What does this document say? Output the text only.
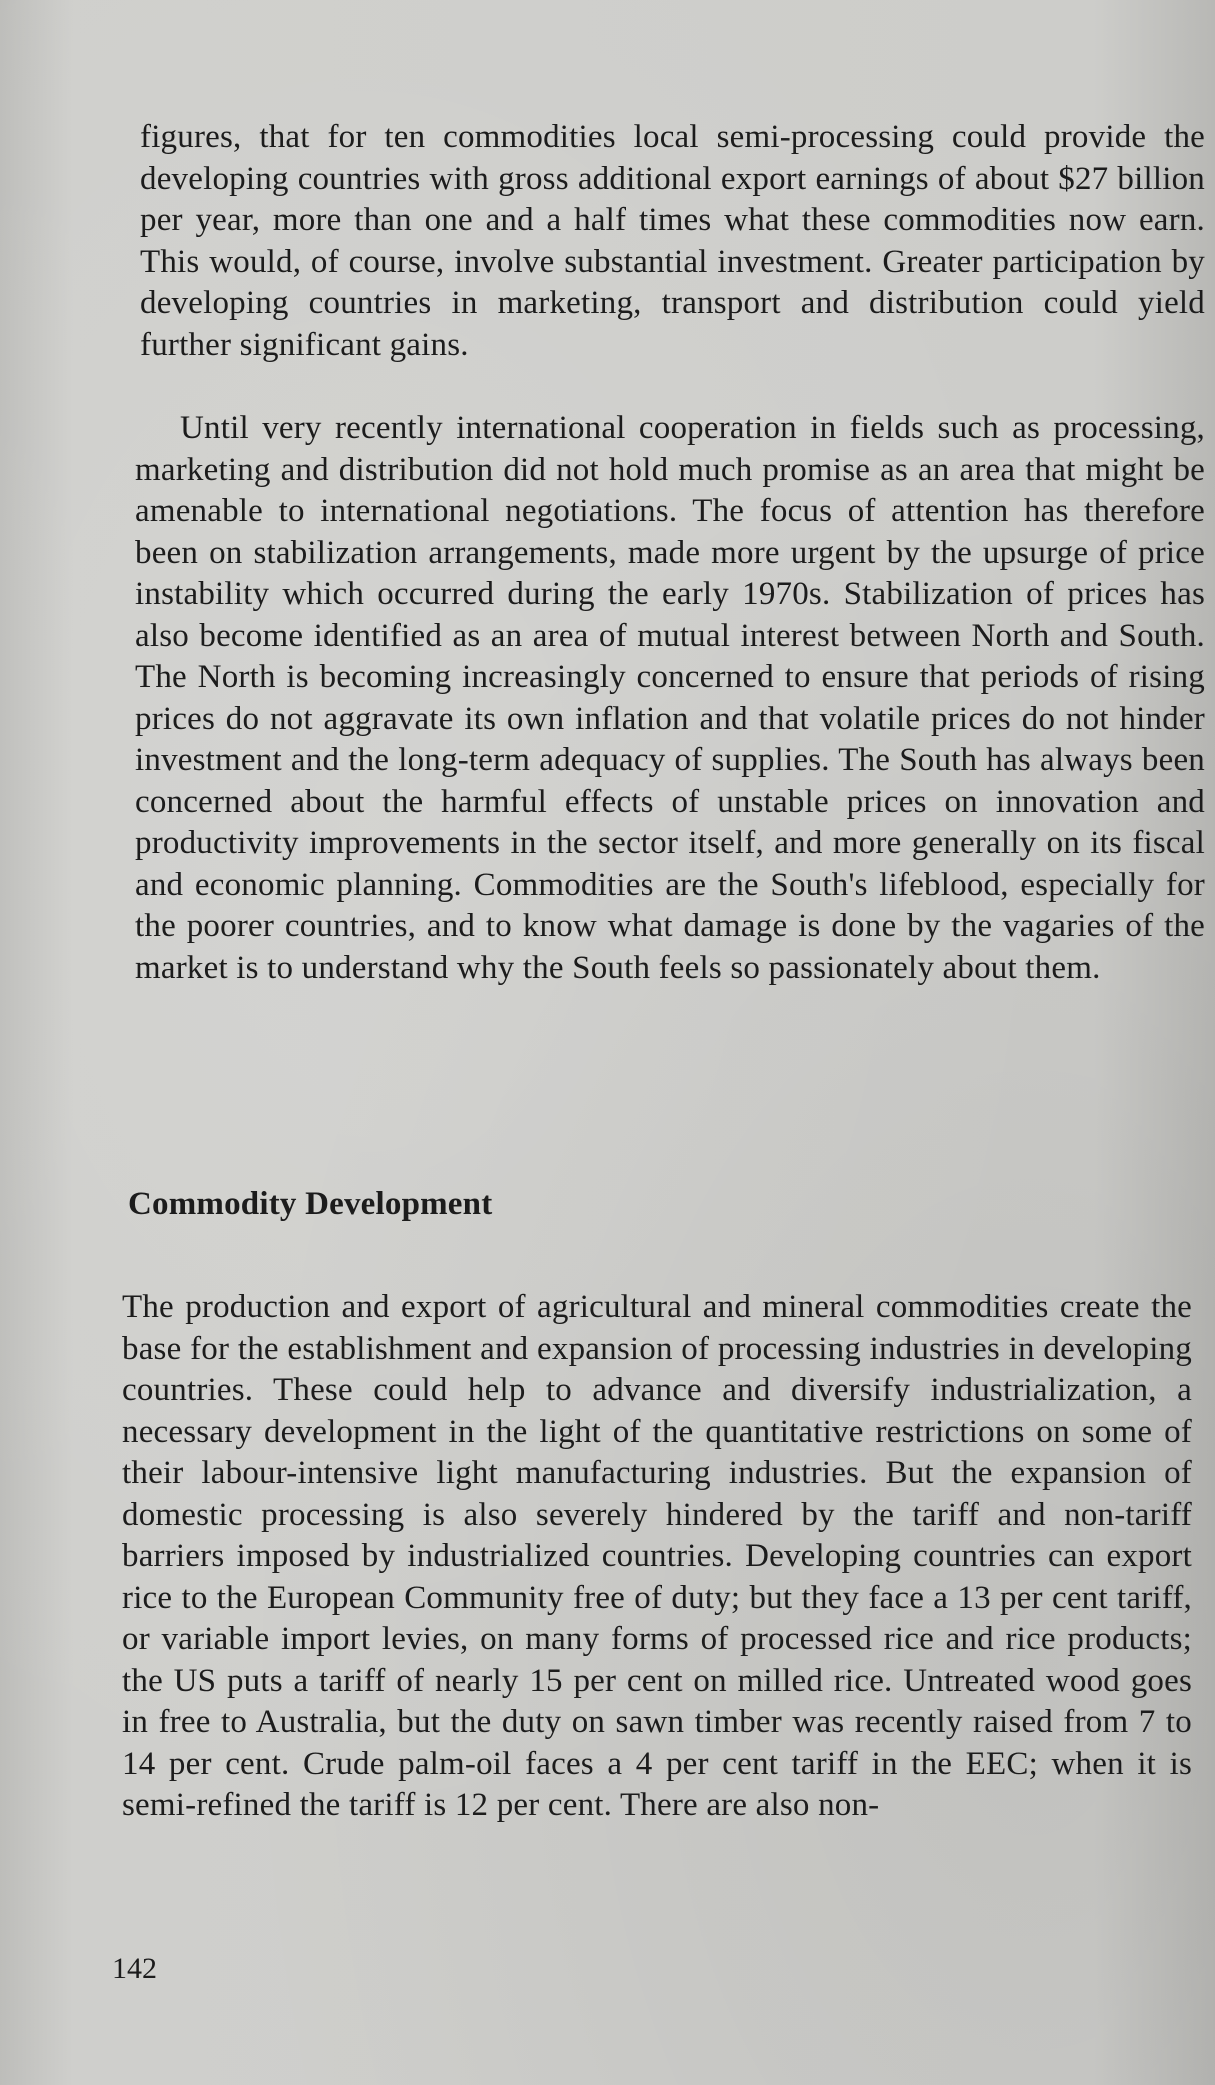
figures, that for ten commodities local semi-processing could provide the developing countries with gross additional export earnings of about $27 billion per year, more than one and a half times what these commodities now earn. This would, of course, involve substantial investment. Greater participation by developing countries in marketing, transport and distribution could yield further significant gains.

Until very recently international cooperation in fields such as processing, marketing and distribution did not hold much promise as an area that might be amenable to international negotiations. The focus of attention has therefore been on stabilization arrangements, made more urgent by the upsurge of price instability which occurred during the early 1970s. Stabilization of prices has also become identified as an area of mutual interest between North and South. The North is becoming increasingly concerned to ensure that periods of rising prices do not aggravate its own inflation and that volatile prices do not hinder investment and the long-term adequacy of supplies. The South has always been concerned about the harmful effects of unstable prices on innovation and productivity improvements in the sector itself, and more generally on its fiscal and economic planning. Commodities are the South's lifeblood, especially for the poorer countries, and to know what damage is done by the vagaries of the market is to understand why the South feels so passionately about them.

Commodity Development

The production and export of agricultural and mineral commodities create the base for the establishment and expansion of processing industries in developing countries. These could help to advance and diversify industrialization, a necessary development in the light of the quantitative restrictions on some of their labour-intensive light manufacturing industries. But the expansion of domestic processing is also severely hindered by the tariff and non-tariff barriers imposed by industrialized countries. Developing countries can export rice to the European Community free of duty; but they face a 13 per cent tariff, or variable import levies, on many forms of processed rice and rice products; the US puts a tariff of nearly 15 per cent on milled rice. Untreated wood goes in free to Australia, but the duty on sawn timber was recently raised from 7 to 14 per cent. Crude palm-oil faces a 4 per cent tariff in the EEC; when it is semi-refined the tariff is 12 per cent. There are also non-

142
